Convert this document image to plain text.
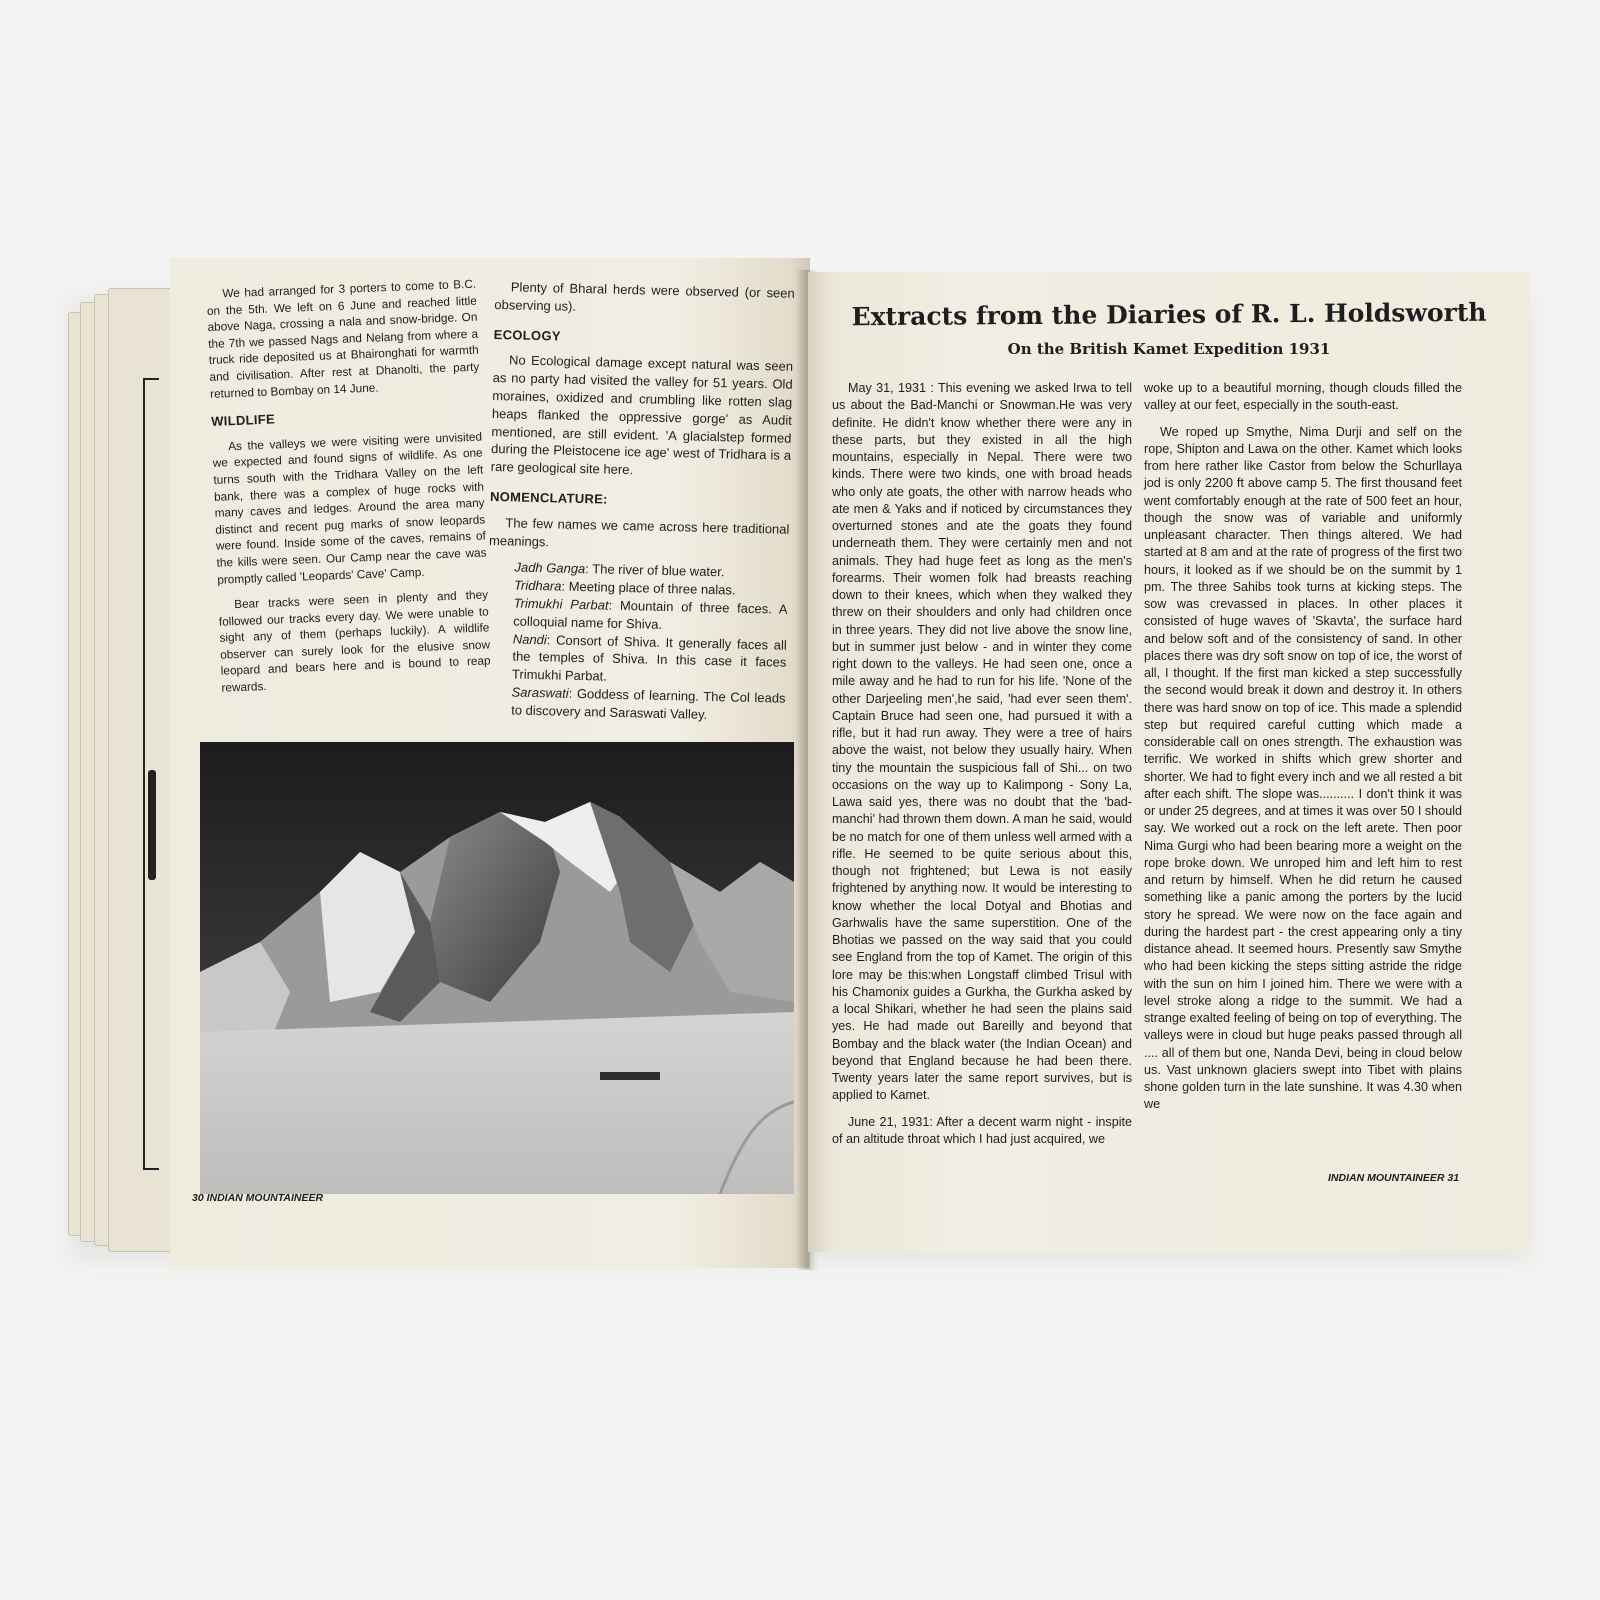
We had arranged for 3 porters to come to B.C. on the 5th. We left on 6 June and reached little above Naga, crossing a nala and snow-bridge. On the 7th we passed Nags and Nelang from where a truck ride deposited us at Bhaironghati for warmth and civilisation. After rest at Dhanolti, the party returned to Bombay on 14 June.

WILDLIFE

As the valleys we were visiting were unvisited we expected and found signs of wildlife. As one turns south with the Tridhara Valley on the left bank, there was a complex of huge rocks with many caves and ledges. Around the area many distinct and recent pug marks of snow leopards were found. Inside some of the caves, remains of the kills were seen. Our Camp near the cave was promptly called 'Leopards' Cave' Camp.

Bear tracks were seen in plenty and they followed our tracks every day. We were unable to sight any of them (perhaps luckily). A wildlife observer can surely look for the elusive snow leopard and bears here and is bound to reap rewards.

Plenty of Bharal herds were observed (or seen observing us).

ECOLOGY

No Ecological damage except natural was seen as no party had visited the valley for 51 years. Old moraines, oxidized and crumbling like rotten slag heaps flanked the oppressive gorge' as Audit mentioned, are still evident. 'A glacialstep formed during the Pleistocene ice age' west of Tridhara is a rare geological site here.

NOMENCLATURE:

The few names we came across here traditional meanings.

Jadh Ganga: The river of blue water.

Tridhara: Meeting place of three nalas.

Trimukhi Parbat: Mountain of three faces. A colloquial name for Shiva.

Nandi: Consort of Shiva. It generally faces all the temples of Shiva. In this case it faces Trimukhi Parbat.

Saraswati: Goddess of learning. The Col leads to discovery and Saraswati Valley.

30 INDIAN MOUNTAINEER
Extracts from the Diaries of R. L. Holdsworth
On the British Kamet Expedition 1931

May 31, 1931 : This evening we asked Irwa to tell us about the Bad-Manchi or Snowman.He was very definite. He didn't know whether there were any in these parts, but they existed in all the high mountains, especially in Nepal. There were two kinds. There were two kinds, one with broad heads who only ate goats, the other with narrow heads who ate men & Yaks and if noticed by circumstances they overturned stones and ate the goats they found underneath them. They were certainly men and not animals. They had huge feet as long as the men's forearms. Their women folk had breasts reaching down to their knees, which when they walked they threw on their shoulders and only had children once in three years. They did not live above the snow line, but in summer just below - and in winter they come right down to the valleys. He had seen one, once a mile away and he had to run for his life. 'None of the other Darjeeling men',he said, 'had ever seen them'. Captain Bruce had seen one, had pursued it with a rifle, but it had run away. They were a tree of hairs above the waist, not below they usually hairy. When tiny the mountain the suspicious fall of Shi... on two occasions on the way up to Kalimpong - Sony La, Lawa said yes, there was no doubt that the 'bad-manchi' had thrown them down. A man he said, would be no match for one of them unless well armed with a rifle. He seemed to be quite serious about this, though not frightened; but Lewa is not easily frightened by anything now. It would be interesting to know whether the local Dotyal and Bhotias and Garhwalis have the same superstition. One of the Bhotias we passed on the way said that you could see England from the top of Kamet. The origin of this lore may be this:when Longstaff climbed Trisul with his Chamonix guides a Gurkha, the Gurkha asked by a local Shikari, whether he had seen the plains said yes. He had made out Bareilly and beyond that Bombay and the black water (the Indian Ocean) and beyond that England because he had been there. Twenty years later the same report survives, but is applied to Kamet.

June 21, 1931: After a decent warm night - inspite of an altitude throat which I had just acquired, we

woke up to a beautiful morning, though clouds filled the valley at our feet, especially in the south-east.

We roped up Smythe, Nima Durji and self on the rope, Shipton and Lawa on the other. Kamet which looks from here rather like Castor from below the Schurllaya jod is only 2200 ft above camp 5. The first thousand feet went comfortably enough at the rate of 500 feet an hour, though the snow was of variable and uniformly unpleasant character. Then things altered. We had started at 8 am and at the rate of progress of the first two hours, it looked as if we should be on the summit by 1 pm. The three Sahibs took turns at kicking steps. The sow was crevassed in places. In other places it consisted of huge waves of 'Skavta', the surface hard and below soft and of the consistency of sand. In other places there was dry soft snow on top of ice, the worst of all, I thought. If the first man kicked a step successfully the second would break it down and destroy it. In others there was hard snow on top of ice. This made a splendid step but required careful cutting which made a considerable call on ones strength. The exhaustion was terrific. We worked in shifts which grew shorter and shorter. We had to fight every inch and we all rested a bit after each shift. The slope was.......... I don't think it was or under 25 degrees, and at times it was over 50 I should say. We worked out a rock on the left arete. Then poor Nima Gurgi who had been bearing more a weight on the rope broke down. We unroped him and left him to rest and return by himself. When he did return he caused something like a panic among the porters by the lucid story he spread. We were now on the face again and during the hardest part - the crest appearing only a tiny distance ahead. It seemed hours. Presently saw Smythe who had been kicking the steps sitting astride the ridge with the sun on him I joined him. There we were with a level stroke along a ridge to the summit. We had a strange exalted feeling of being on top of everything. The valleys were in cloud but huge peaks passed through all .... all of them but one, Nanda Devi, being in cloud below us. Vast unknown glaciers swept into Tibet with plains shone golden turn in the late sunshine. It was 4.30 when we

INDIAN MOUNTAINEER 31
